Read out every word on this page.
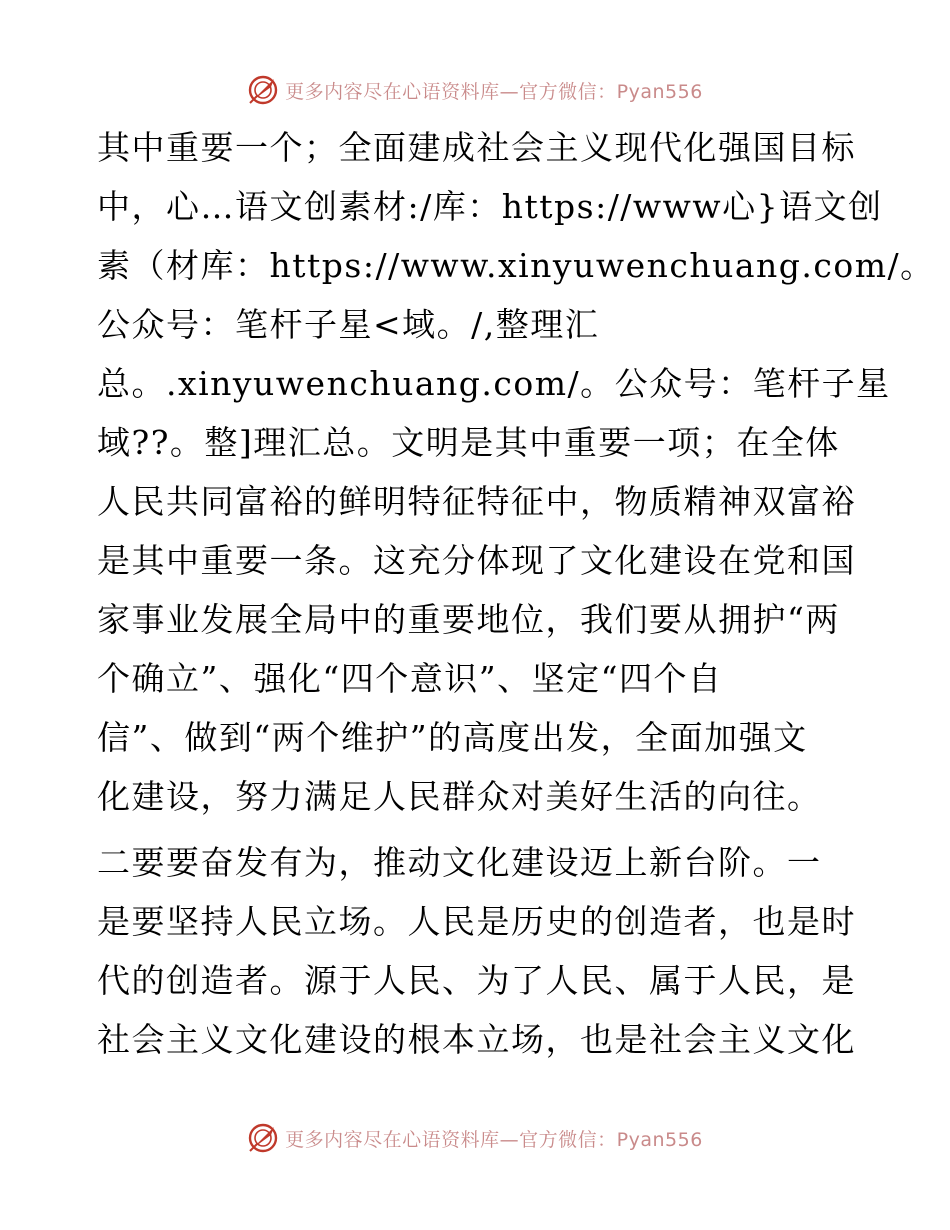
更多内容尽在心语资料库—官方微信：Pyan556
其中重要一个；全面建成社会主义现代化强国目标
中，心…语文创素材:/库：https://www心}语文创
素（材库：https://www.xinyuwenchuang.com/。
公众号：笔杆子星<域。/,整理汇
总。.xinyuwenchuang.com/。公众号：笔杆子星
域??。整]理汇总。文明是其中重要一项；在全体
人民共同富裕的鲜明特征特征中，物质精神双富裕
是其中重要一条。这充分体现了文化建设在党和国
家事业发展全局中的重要地位，我们要从拥护“两
个确立”、强化“四个意识”、坚定“四个自
信”、做到“两个维护”的高度出发，全面加强文
化建设，努力满足人民群众对美好生活的向往。
二要要奋发有为，推动文化建设迈上新台阶。一
是要坚持人民立场。人民是历史的创造者，也是时
代的创造者。源于人民、为了人民、属于人民，是
社会主义文化建设的根本立场，也是社会主义文化
更多内容尽在心语资料库—官方微信：Pyan556
